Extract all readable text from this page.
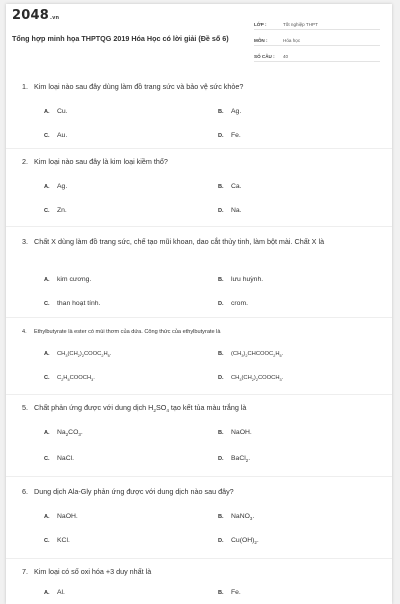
2048.vn
Tổng hợp minh họa THPTQG 2019 Hóa Học có lời giải (Đề số 6)
LỚP :	Tốt nghiệp THPT
MÔN :	Hóa học
SỐ CÂU :	40
1. Kim loại nào sau đây dùng làm đồ trang sức và bảo vệ sức khỏe?
A. Cu.	B. Ag.
C. Au.	D. Fe.
2. Kim loại nào sau đây là kim loại kiềm thổ?
A. Ag.	B. Ca.
C. Zn.	D. Na.
3. Chất X dùng làm đồ trang sức, chế tạo mũi khoan, dao cắt thủy tinh, làm bột mài. Chất X là
A. kim cương.	B. lưu huỳnh.
C. than hoạt tính.	D. crom.
4. Ethylbutyrate là ester có mùi thơm của dứa. Công thức của ethylbutyrate là
A. $CH_3(CH_2)_2COOC_2H_5$.	B. $(CH_3)_2CHCOOC_2H_5$.
C. $C_2H_5COOCH_3$.	D. $CH_3(CH_2)_2COOCH_3$.
5. Chất phản ứng được với dung dịch $H_2SO_4$ tạo kết tủa màu trắng là
A. $Na_2CO_3$.	B. NaOH.
C. NaCl.	D. BaCl$_2$.
6. Dung dịch Ala-Gly phản ứng được với dung dịch nào sau đây?
A. NaOH.	B. NaNO$_3$.
C. KCl.	D. $Cu(OH)_2$.
7. Kim loại có số oxi hóa +3 duy nhất là
A. Al.	B. Fe.
